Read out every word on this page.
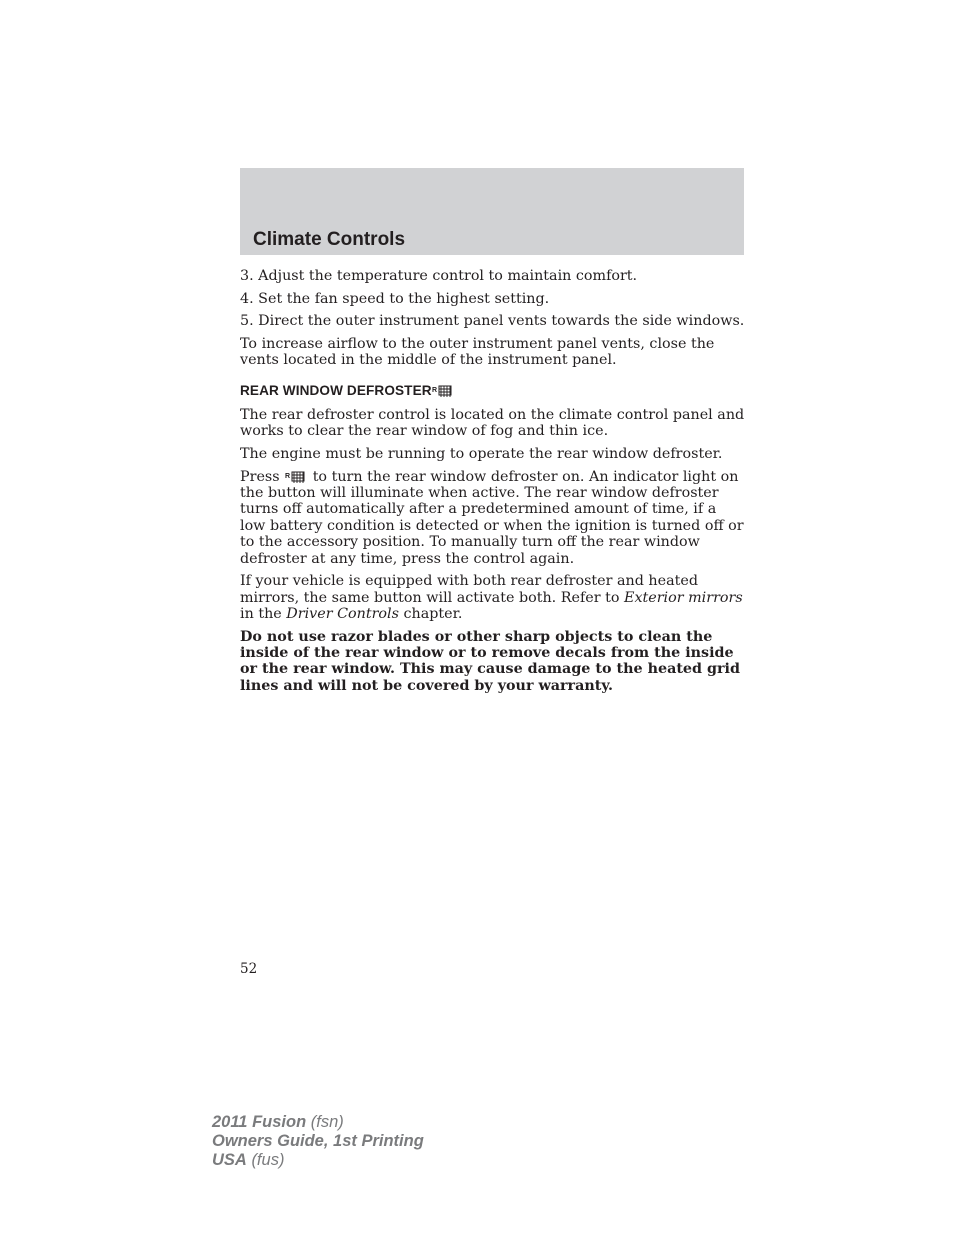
Climate Controls

3. Adjust the temperature control to maintain comfort.

4. Set the fan speed to the highest setting.

5. Direct the outer instrument panel vents towards the side windows.

To increase airflow to the outer instrument panel vents, close the vents located in the middle of the instrument panel.

REAR WINDOW DEFROSTER R

The rear defroster control is located on the climate control panel and works to clear the rear window of fog and thin ice.

The engine must be running to operate the rear window defroster.

Press R to turn the rear window defroster on. An indicator light on the button will illuminate when active. The rear window defroster turns off automatically after a predetermined amount of time, if a low battery condition is detected or when the ignition is turned off or to the accessory position. To manually turn off the rear window defroster at any time, press the control again.

If your vehicle is equipped with both rear defroster and heated mirrors, the same button will activate both. Refer to Exterior mirrors in the Driver Controls chapter.

Do not use razor blades or other sharp objects to clean the inside of the rear window or to remove decals from the inside or the rear window. This may cause damage to the heated grid lines and will not be covered by your warranty.

52
2011 Fusion (fsn)
Owners Guide, 1st Printing
USA (fus)
